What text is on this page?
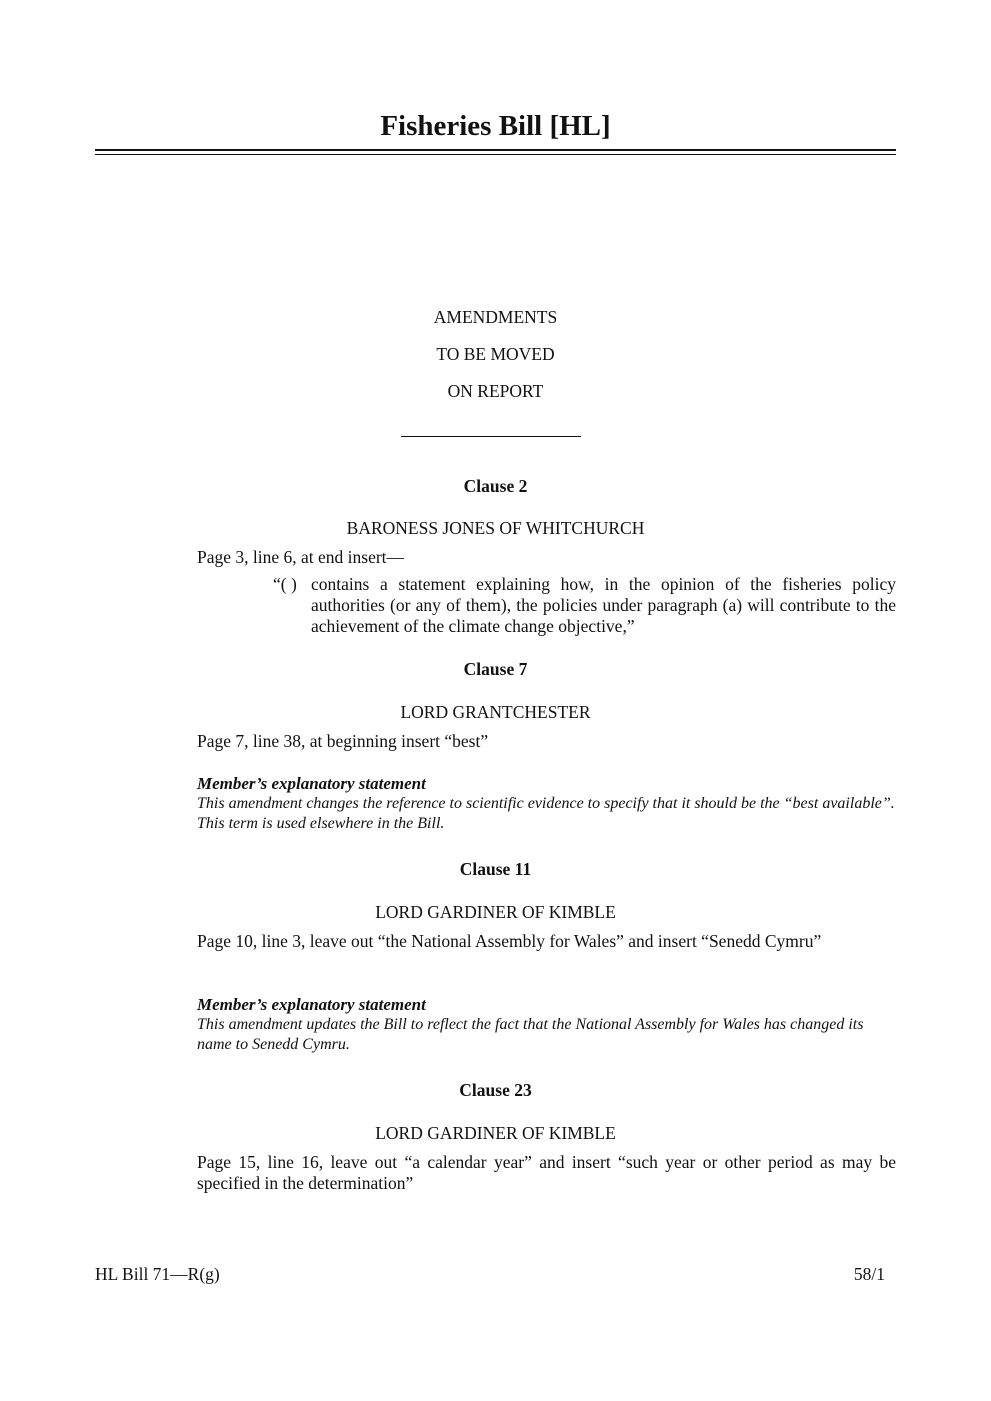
Fisheries Bill [HL]
AMENDMENTS
TO BE MOVED
ON REPORT
Clause 2
BARONESS JONES OF WHITCHURCH
Page 3, line 6, at end insert—
“( ) contains a statement explaining how, in the opinion of the fisheries policy authorities (or any of them), the policies under paragraph (a) will contribute to the achievement of the climate change objective,”
Clause 7
LORD GRANTCHESTER
Page 7, line 38, at beginning insert “best”
Member’s explanatory statement
This amendment changes the reference to scientific evidence to specify that it should be the “best available”. This term is used elsewhere in the Bill.
Clause 11
LORD GARDINER OF KIMBLE
Page 10, line 3, leave out “the National Assembly for Wales” and insert “Senedd Cymru”
Member’s explanatory statement
This amendment updates the Bill to reflect the fact that the National Assembly for Wales has changed its name to Senedd Cymru.
Clause 23
LORD GARDINER OF KIMBLE
Page 15, line 16, leave out “a calendar year” and insert “such year or other period as may be specified in the determination”
HL Bill 71—R(g)	58/1
